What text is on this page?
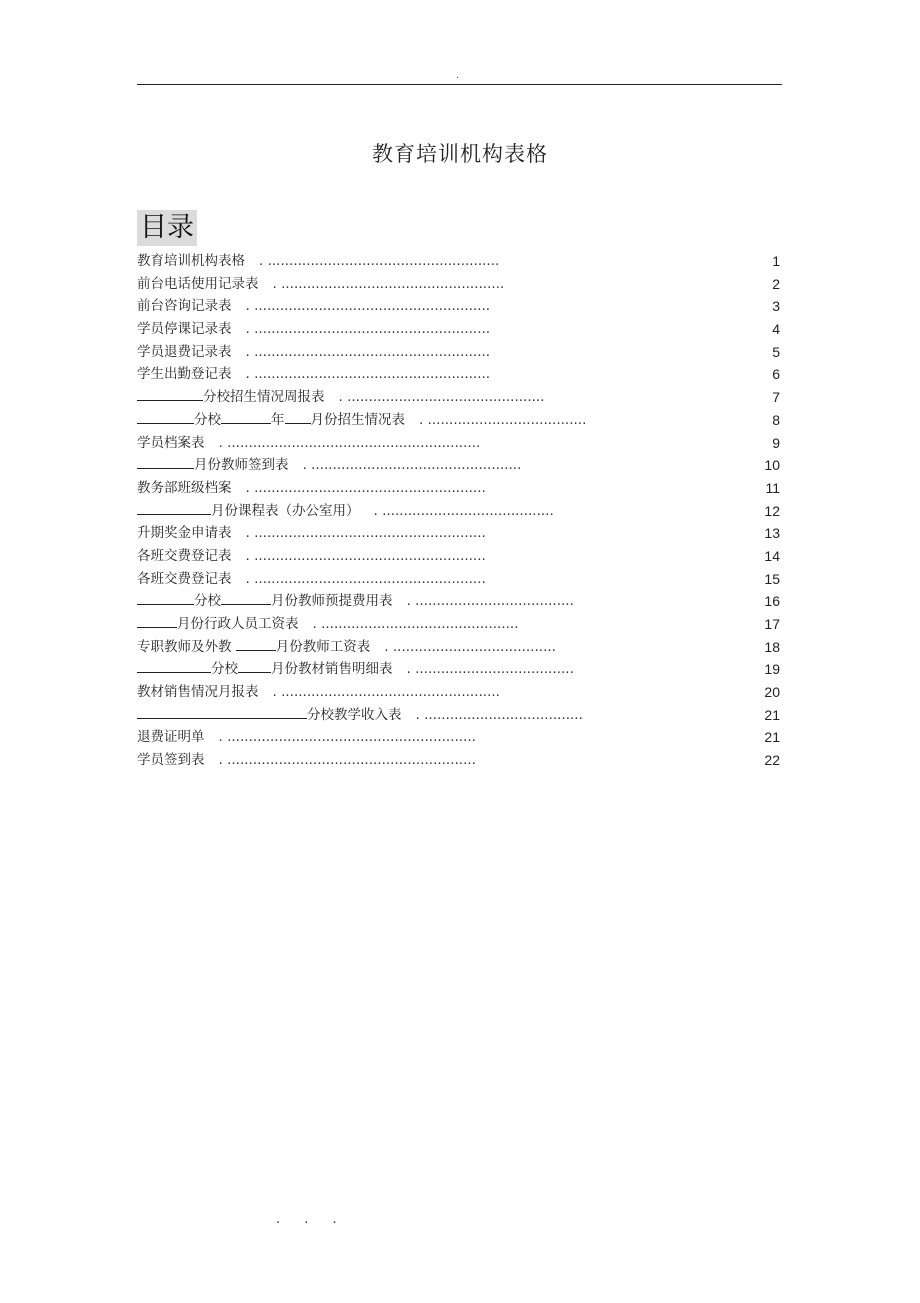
.
教育培训机构表格
目录
教育培训机构表格 . ......................................................	1
前台电话使用记录表 . ....................................................	2
前台咨询记录表 . .......................................................	3
学员停课记录表 . .......................................................	4
学员退费记录表 . .......................................................	5
学生出勤登记表 . .......................................................	6
分校招生情况周报表 . ..............................................	7
分校	年 月份招生情况表 . .....................................	8
学员档案表 . ...........................................................	9
月份教师签到表 . .................................................	10
教务部班级档案 . ......................................................	11
月份课程表（办公室用） . ........................................	12
升期奖金申请表 . ......................................................	13
各班交费登记表 . ......................................................	14
各班交费登记表 . ......................................................	15
分校	月份教师预提费用表 . .....................................	16
月份行政人员工资表 . ..............................................	17
专职教师及外教	月份教师工资表 . ......................................	18
分校 月份教材销售明细表 . .....................................	19
教材销售情况月报表 . ...................................................	20
分校教学收入表 . .....................................	21
退费证明单 . ..........................................................	21
学员签到表 . ..........................................................	22
. . .
